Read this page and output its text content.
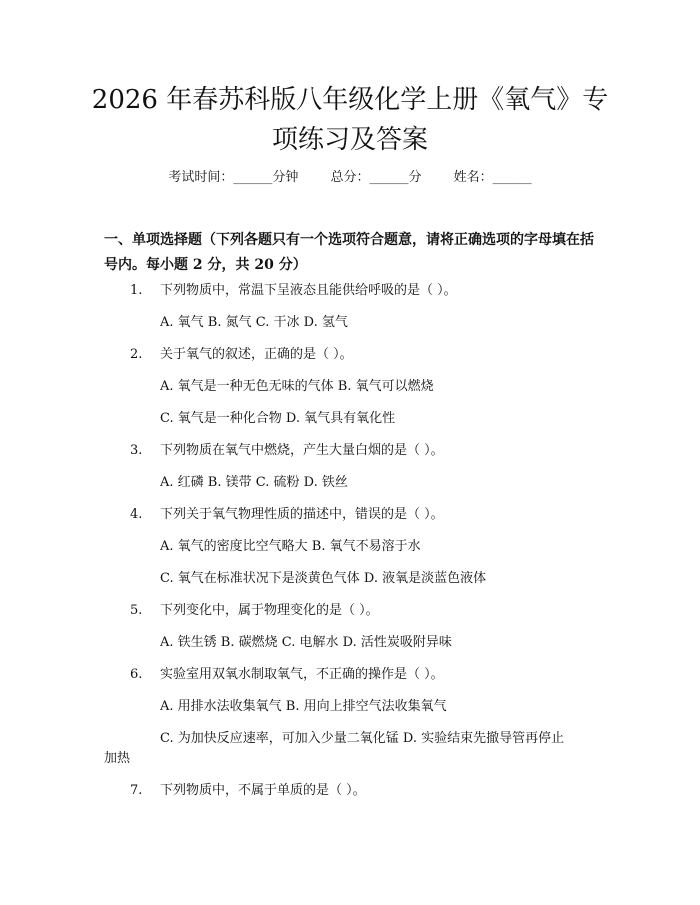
2026 年春苏科版八年级化学上册《氧气》专
项练习及答案
考试时间：______分钟 总分：______分 姓名：______
一、单项选择题（下列各题只有一个选项符合题意，请将正确选项的字母填在括
号内。每小题 2 分，共 20 分）
1.	下列物质中，常温下呈液态且能供给呼吸的是（ ）。
A. 氧气 B. 氮气 C. 干冰 D. 氢气
2.	关于氧气的叙述，正确的是（ ）。
A. 氧气是一种无色无味的气体 B. 氧气可以燃烧
C. 氧气是一种化合物 D. 氧气具有氧化性
3.	下列物质在氧气中燃烧，产生大量白烟的是（ ）。
A. 红磷 B. 镁带 C. 硫粉 D. 铁丝
4.	下列关于氧气物理性质的描述中，错误的是（ ）。
A. 氧气的密度比空气略大 B. 氧气不易溶于水
C. 氧气在标准状况下是淡黄色气体 D. 液氧是淡蓝色液体
5.	下列变化中，属于物理变化的是（ ）。
A. 铁生锈 B. 碳燃烧 C. 电解水 D. 活性炭吸附异味
6.	实验室用双氧水制取氧气，不正确的操作是（ ）。
A. 用排水法收集氧气 B. 用向上排空气法收集氧气
C. 为加快反应速率，可加入少量二氧化锰 D. 实验结束先撤导管再停止
加热
7.	下列物质中，不属于单质的是（ ）。
